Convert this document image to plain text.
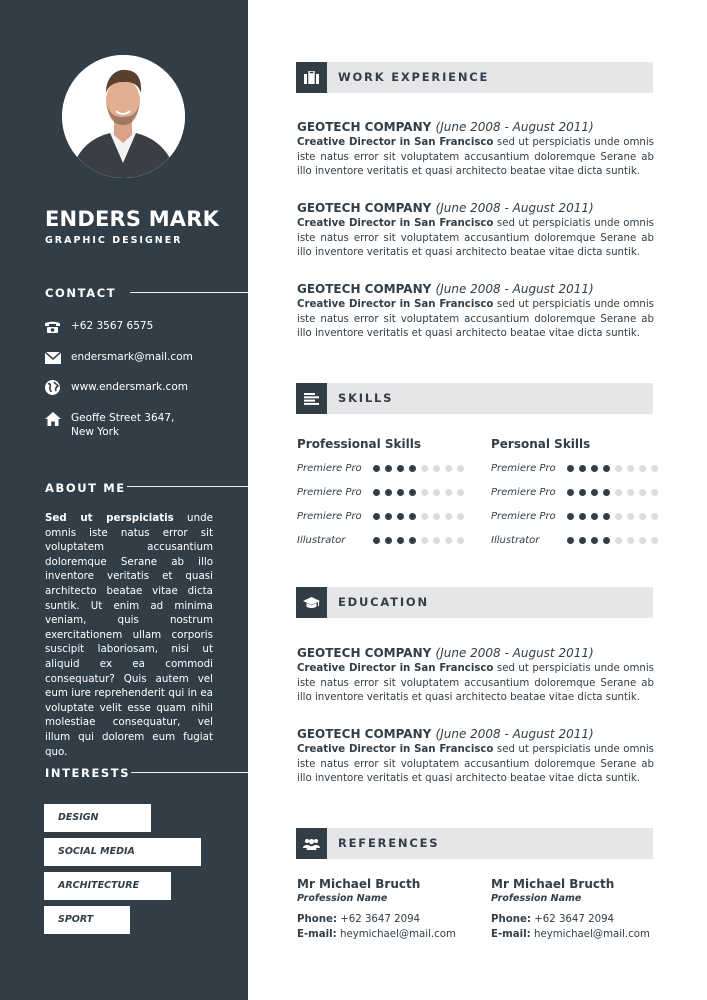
ENDERS MARK
GRAPHIC DESIGNER
CONTACT
+62 3567 6575
endersmark@mail.com
www.endersmark.com
Geoffe Street 3647,
New York
ABOUT ME
Sed ut perspiciatis unde omnis iste natus error sit voluptatem accusantium doloremque Serane ab illo inventore veritatis et quasi architecto beatae vitae dicta suntik. Ut enim ad minima veniam, quis nostrum exercitationem ullam corporis suscipit laboriosam, nisi ut aliquid ex ea commodi consequatur? Quis autem vel eum iure reprehenderit qui in ea voluptate velit esse quam nihil molestiae consequatur, vel illum qui dolorem eum fugiat quo.
INTERESTS
DESIGN
SOCIAL MEDIA
ARCHITECTURE
SPORT
WORK EXPERIENCE
GEOTECH COMPANY (June 2008 - August 2011)
Creative Director in San Francisco sed ut perspiciatis unde omnis iste natus error sit voluptatem accusantium doloremque Serane ab illo inventore veritatis et quasi architecto beatae vitae dicta suntik.
GEOTECH COMPANY (June 2008 - August 2011)
Creative Director in San Francisco sed ut perspiciatis unde omnis iste natus error sit voluptatem accusantium doloremque Serane ab illo inventore veritatis et quasi architecto beatae vitae dicta suntik.
GEOTECH COMPANY (June 2008 - August 2011)
Creative Director in San Francisco sed ut perspiciatis unde omnis iste natus error sit voluptatem accusantium doloremque Serane ab illo inventore veritatis et quasi architecto beatae vitae dicta suntik.
SKILLS
Professional Skills
Premiere Pro
Premiere Pro
Premiere Pro
Illustrator
Personal Skills
Premiere Pro
Premiere Pro
Premiere Pro
Illustrator
EDUCATION
GEOTECH COMPANY (June 2008 - August 2011)
Creative Director in San Francisco sed ut perspiciatis unde omnis iste natus error sit voluptatem accusantium doloremque Serane ab illo inventore veritatis et quasi architecto beatae vitae dicta suntik.
GEOTECH COMPANY (June 2008 - August 2011)
Creative Director in San Francisco sed ut perspiciatis unde omnis iste natus error sit voluptatem accusantium doloremque Serane ab illo inventore veritatis et quasi architecto beatae vitae dicta suntik.
REFERENCES
Mr Michael Bructh
Profession Name
Phone: +62 3647 2094
E-mail: heymichael@mail.com
Mr Michael Bructh
Profession Name
Phone: +62 3647 2094
E-mail: heymichael@mail.com
